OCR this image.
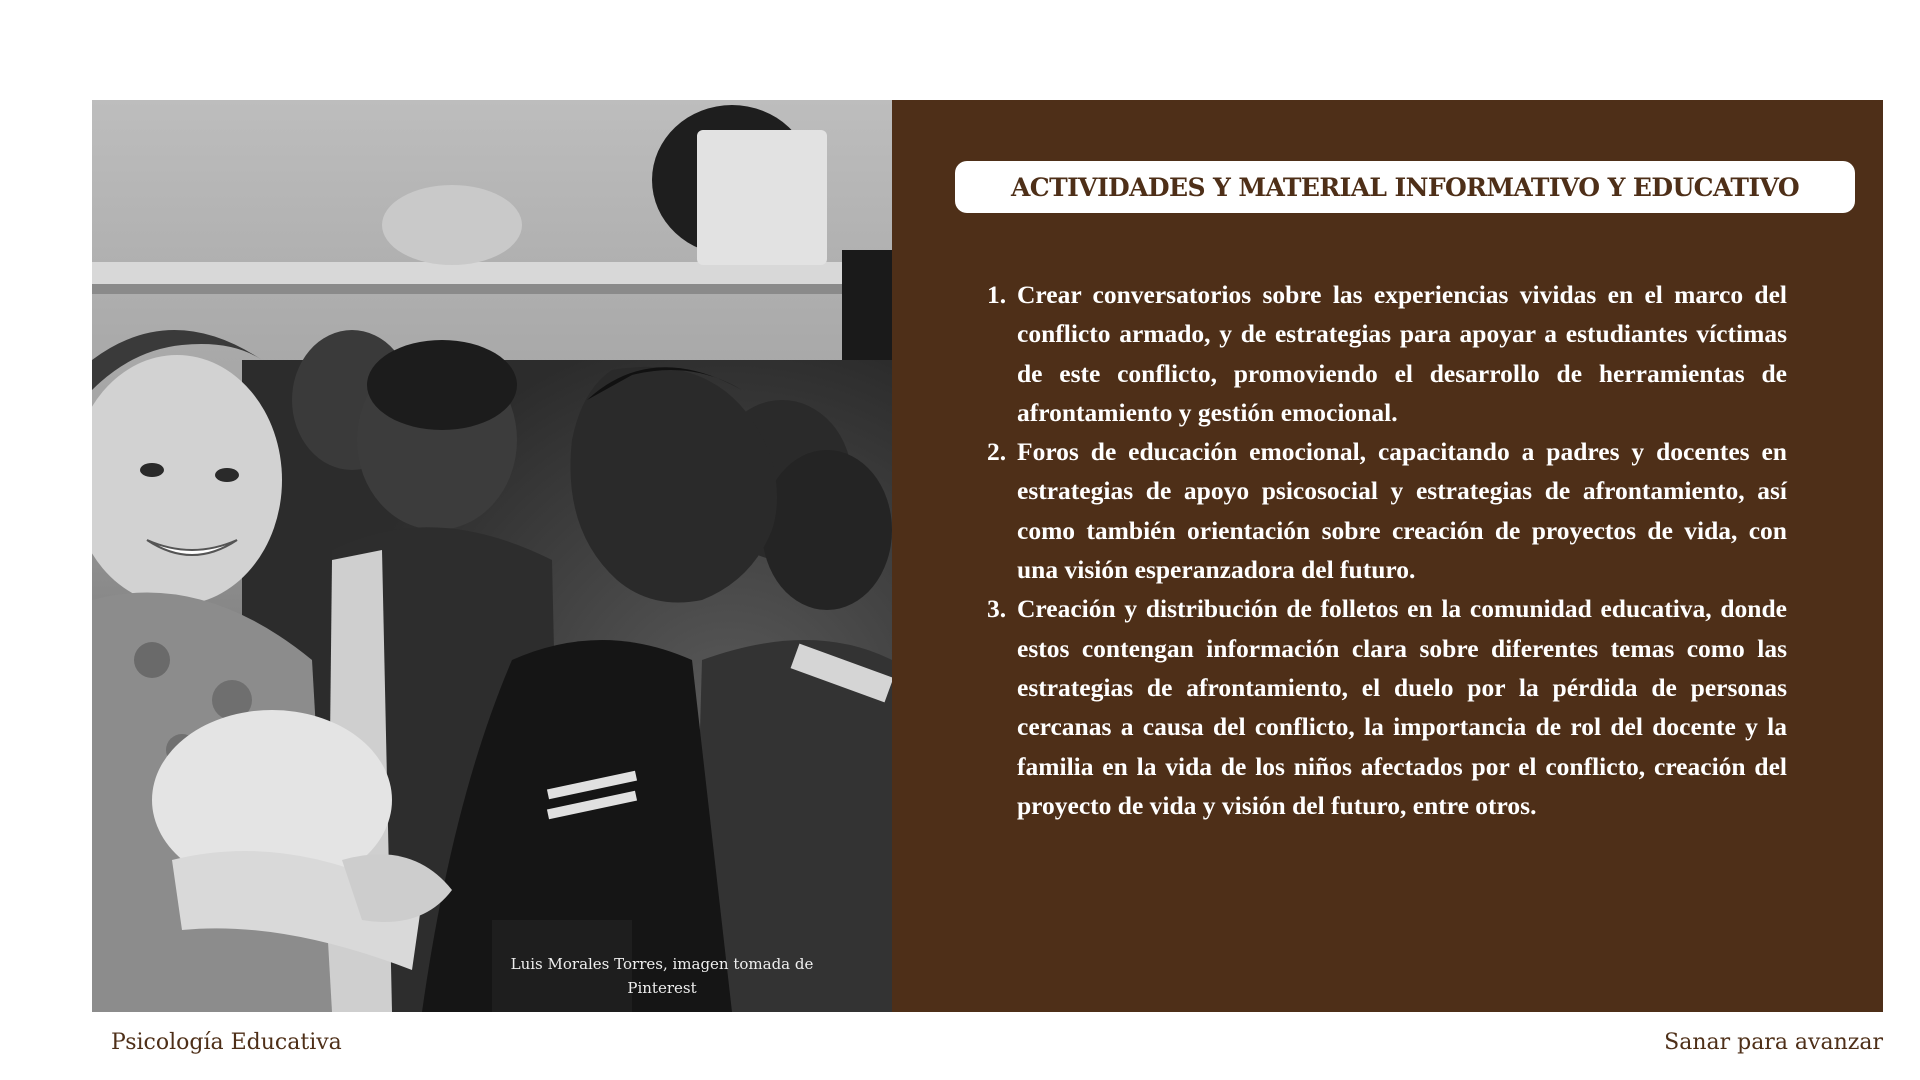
Luis Morales Torres, imagen tomada de Pinterest
ACTIVIDADES Y MATERIAL INFORMATIVO Y EDUCATIVO
1. Crear conversatorios sobre las experiencias vividas en el marco del conflicto armado, y de estrategias para apoyar a estudiantes víctimas de este conflicto, promoviendo el desarrollo de herramientas de afrontamiento y gestión emocional.
2. Foros de educación emocional, capacitando a padres y docentes en estrategias de apoyo psicosocial y estrategias de afrontamiento, así como también orientación sobre creación de proyectos de vida, con una visión esperanzadora del futuro.
3. Creación y distribución de folletos en la comunidad educativa, donde estos contengan información clara sobre diferentes temas como las estrategias de afrontamiento, el duelo por la pérdida de personas cercanas a causa del conflicto, la importancia de rol del docente y la familia en la vida de los niños afectados por el conflicto, creación del proyecto de vida y visión del futuro, entre otros.
Psicología Educativa	Sanar para avanzar
